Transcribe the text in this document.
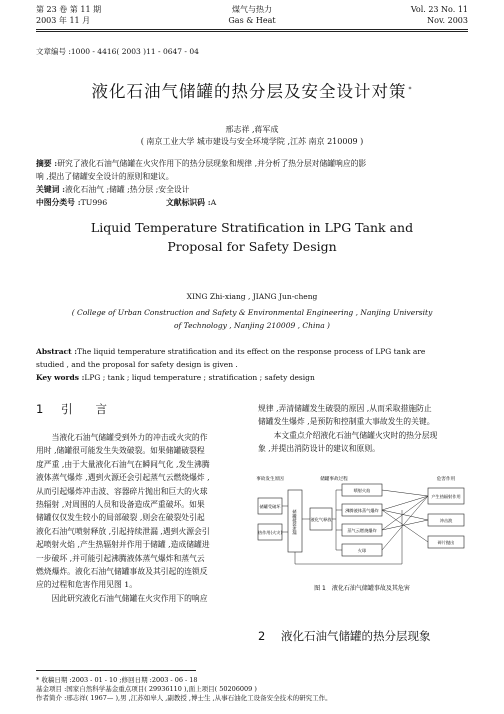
第 23 卷 第 11 期
2003 年 11 月
煤气与热力
Gas & Heat
Vol. 23 No. 11
Nov. 2003
文章编号 :1000 - 4416( 2003 )11 - 0647 - 04
液化石油气储罐的热分层及安全设计对策 *
邢志祥 ,蒋军成
( 南京工业大学 城市建设与安全环境学院 ,江苏 南京 210009 )

摘要 :研究了液化石油气储罐在火灾作用下的热分层现象和规律 ,并分析了热分层对储罐响应的影

响 ,提出了储罐安全设计的原则和建议。

关键词 :液化石油气 ;储罐 ;热分层 ;安全设计

中图分类号 :TU996	文献标识码 :A

Liquid Temperature Stratification in LPG Tank and
Proposal for Safety Design
XING Zhi-xiang , JIANG Jun-cheng
( College of Urban Construction and Safety & Environmental Engineering , Nanjing University
of Technology , Nanjing 210009 , China )

Abstract :The liquid temperature stratification and its effect on the response process of LPG tank are

studied , and the proposal for safety design is given .

Key words :LPG ; tank ; liqud temperature ; stratification ; safety design

1 引　　言
当液化石油气储罐受到外力的冲击或火灾的作
用时 ,储罐很可能发生失效破裂。如果储罐破裂程
度严重 ,由于大量液化石油气在瞬间气化 ,发生沸腾
液体蒸气爆炸 ,遇到火源还会引起蒸气云燃烧爆炸 ,
从而引起爆炸冲击波、容器碎片抛出和巨大的火球
热辐射 ,对周围的人员和设备造成严重破坏。如果
储罐仅仅发生较小的局部破裂 ,则会在破裂处引起
液化石油气喷射释放 ,引起持续泄漏 ,遇到火源会引
起喷射火焰 ,产生热辐射并作用于储罐 ,造成储罐进
一步破坏 ,并可能引起沸腾液体蒸气爆炸和蒸气云
燃烧爆炸。液化石油气储罐事故及其引起的连锁反
应的过程和危害作用见图 1。
因此研究液化石油气储罐在火灾作用下的响应
规律 ,弄清储罐发生破裂的原因 ,从而采取措施防止
储罐发生爆炸 ,是预防和控制重大事故发生的关键。
本文重点介绍液化石油气储罐火灾时的热分层现
象 ,并提出消防设计的建议和原则。
事故发生原因	储罐事故过程	危害作用
储罐受破坏
热作用(火灾) 储罐破裂泄漏	液化气释放
喷射火焰
沸腾液体蒸气爆炸
蒸气云燃烧爆炸
火球
产生热辐射作用
冲击波
碎片抛出
图 1　液化石油气储罐事故及其危害
2 液化石油气储罐的热分层现象

* 收稿日期 :2003 - 01 - 10 ;修回日期 :2003 - 06 - 18

基金项目 :国家自然科学基金重点项目( 29936110 ),面上项目( 50206009 )

作者简介 :邢志祥( 1967— ),男 ,江苏如皋人 ,副教授 ,博士生 ,从事石油化工设备安全技术的研究工作。
